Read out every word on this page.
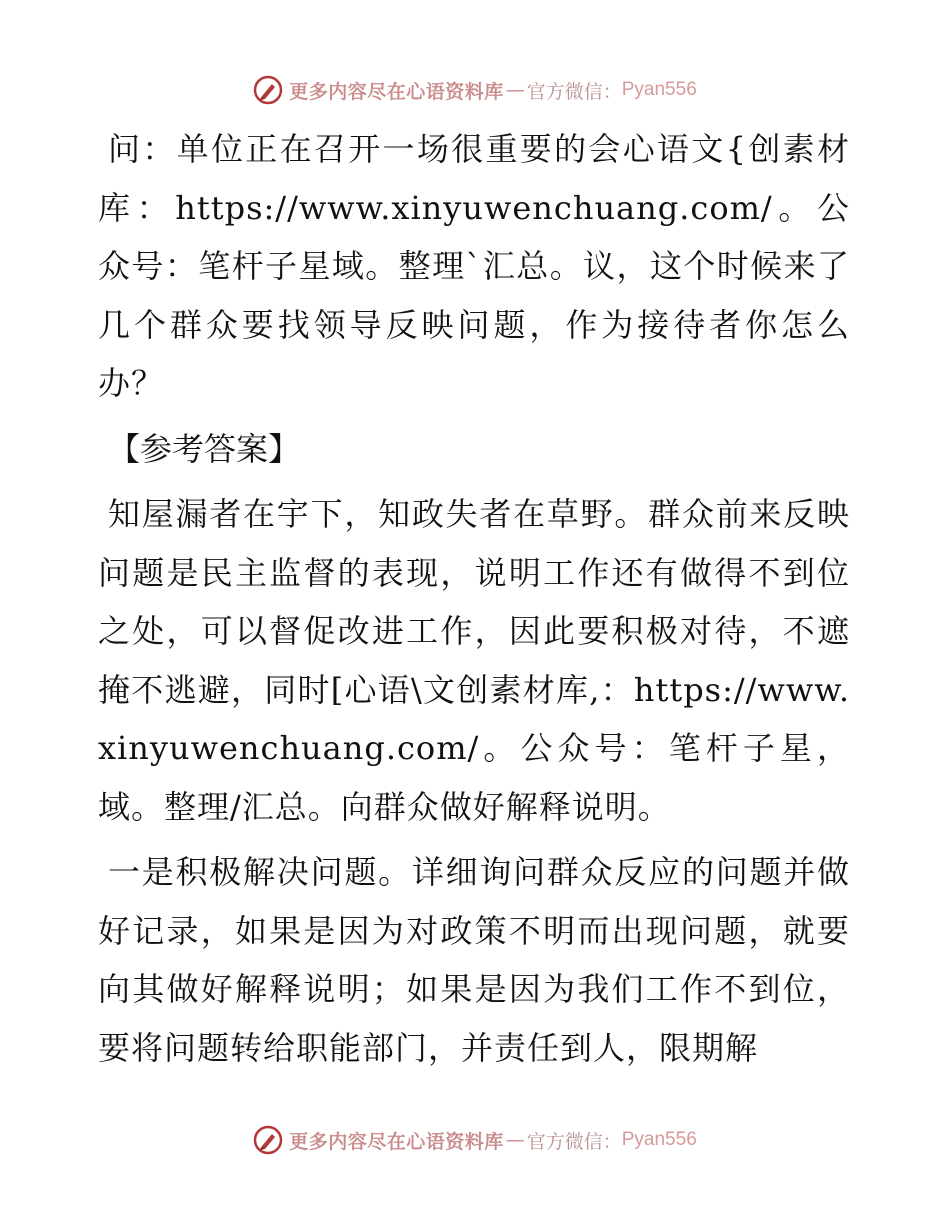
更多内容尽在心语资料库 — 官方微信： Pyan556

问：单位正在召开一场很重要的会心语文{创素材库：https://www.xinyuwenchuang.com/。公众号：笔杆子星域。整理`汇总。议，这个时候来了几个群众要找领导反映问题，作为接待者你怎么办？

【参考答案】

知屋漏者在宇下，知政失者在草野。群众前来反映问题是民主监督的表现，说明工作还有做得不到位之处，可以督促改进工作，因此要积极对待，不遮掩不逃避，同时[心语\文创素材库,：https://www.xinyuwenchuang.com/。公众号：笔杆子星，域。整理/汇总。向群众做好解释说明。

一是积极解决问题。详细询问群众反应的问题并做好记录，如果是因为对政策不明而出现问题，就要向其做好解释说明；如果是因为我们工作不到位，要将问题转给职能部门，并责任到人，限期解

更多内容尽在心语资料库 — 官方微信： Pyan556
